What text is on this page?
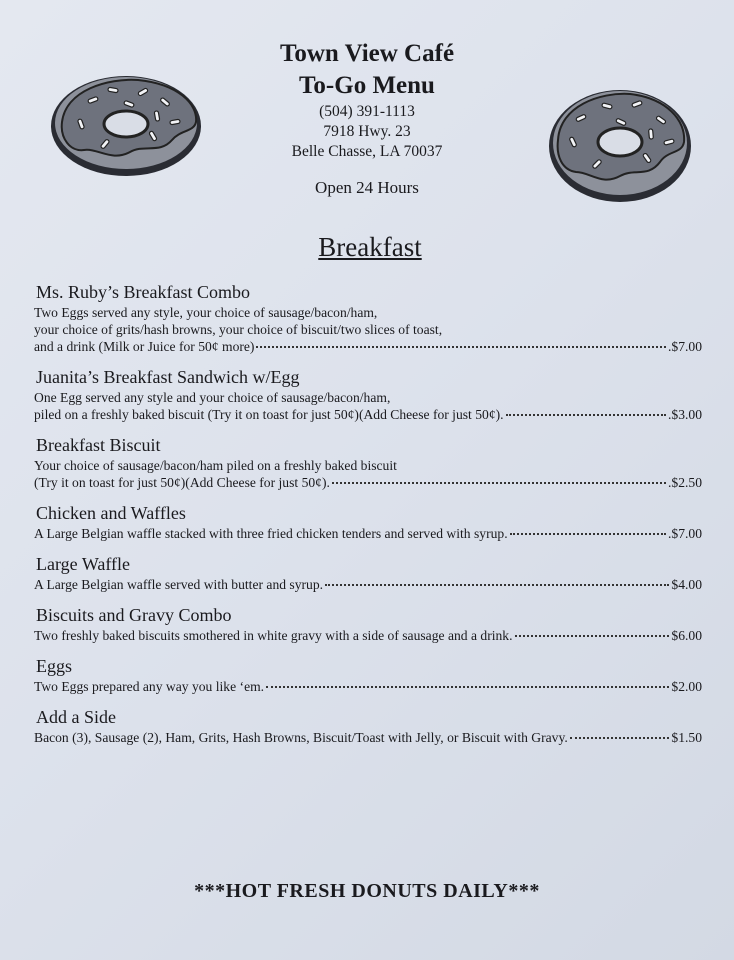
Town View Café
To-Go Menu
(504) 391-1113
7918 Hwy. 23
Belle Chasse, LA 70037
Open 24 Hours
Breakfast
Ms. Ruby’s Breakfast Combo
Two Eggs served any style, your choice of sausage/bacon/ham,
your choice of grits/hash browns, your choice of biscuit/two slices of toast,
and a drink (Milk or Juice for 50¢ more)	.$7.00
Juanita’s Breakfast Sandwich w/Egg
One Egg served any style and your choice of sausage/bacon/ham,
piled on a freshly baked biscuit (Try it on toast for just 50¢)(Add Cheese for just 50¢).	.$3.00
Breakfast Biscuit
Your choice of sausage/bacon/ham piled on a freshly baked biscuit
(Try it on toast for just 50¢)(Add Cheese for just 50¢).	.$2.50
Chicken and Waffles
A Large Belgian waffle stacked with three fried chicken tenders and served with syrup.	.$7.00
Large Waffle
A Large Belgian waffle served with butter and syrup.	$4.00
Biscuits and Gravy Combo
Two freshly baked biscuits smothered in white gravy with a side of sausage and a drink.	$6.00
Eggs
Two Eggs prepared any way you like ‘em.	$2.00
Add a Side
Bacon (3), Sausage (2), Ham, Grits, Hash Browns, Biscuit/Toast with Jelly, or Biscuit with Gravy.	$1.50
***HOT FRESH DONUTS DAILY***
